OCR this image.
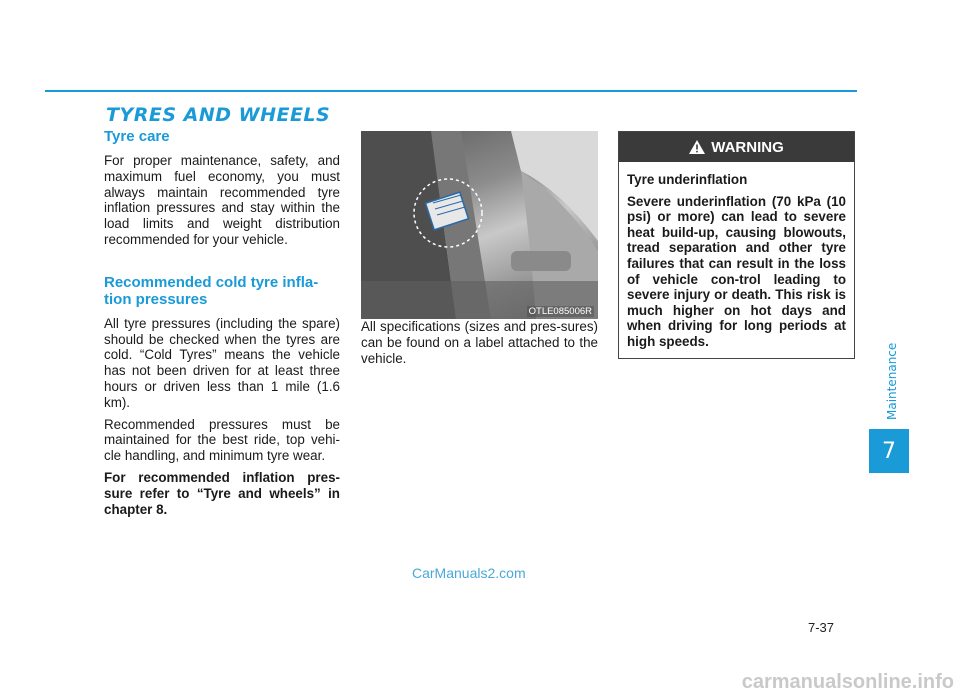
TYRES AND WHEELS
Tyre care

For proper maintenance, safety, and maximum fuel economy, you must always maintain recommended tyre inflation pressures and stay within the load limits and weight distribution recommended for your vehicle.

Recommended cold tyre infla-tion pressures

All tyre pressures (including the spare) should be checked when the tyres are cold. “Cold Tyres” means the vehicle has not been driven for at least three hours or driven less than 1 mile (1.6 km).

Recommended pressures must be maintained for the best ride, top vehi-cle handling, and minimum tyre wear.

For recommended inflation pres-sure refer to “Tyre and wheels” in chapter 8.

OTLE085006R

All specifications (sizes and pres-sures) can be found on a label attached to the vehicle.

WARNING

Tyre underinflation

Severe underinflation (70 kPa (10 psi) or more) can lead to severe heat build-up, causing blowouts, tread separation and other tyre failures that can result in the loss of vehicle con-trol leading to severe injury or death. This risk is much higher on hot days and when driving for long periods at high speeds.

Maintenance
7
CarManuals2.com
7-37
carmanualsonline.info
